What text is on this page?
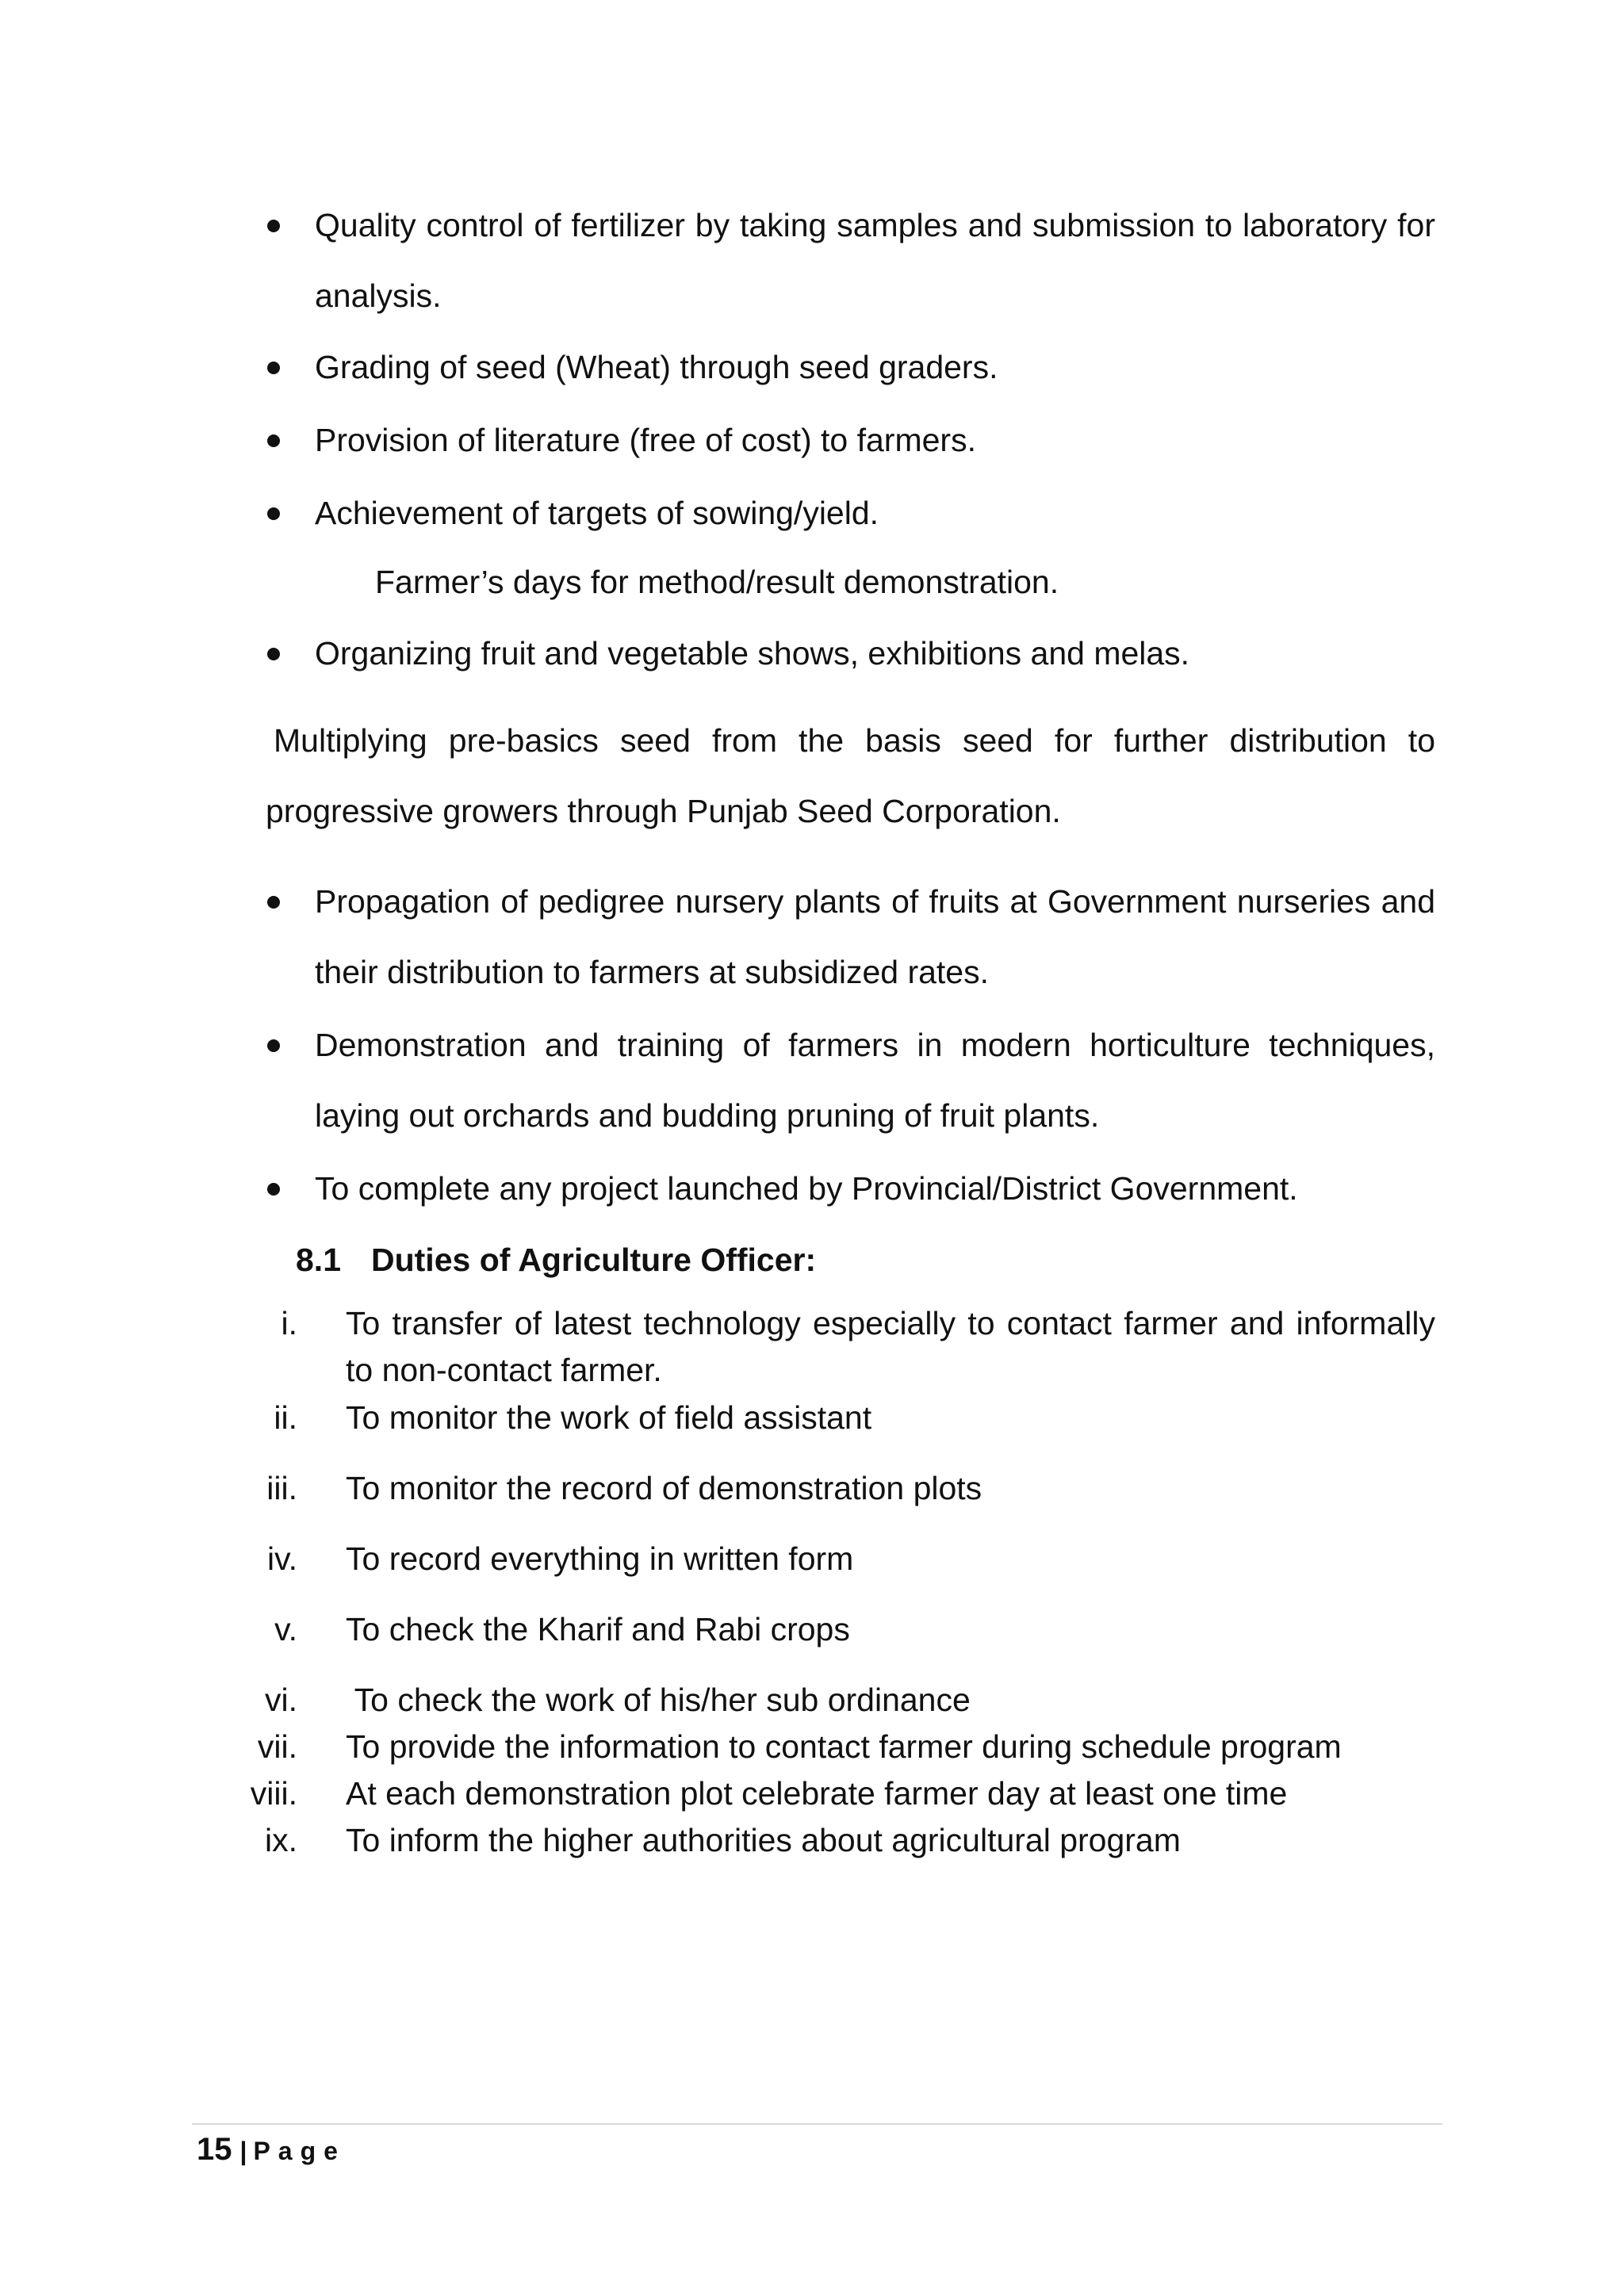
Quality control of fertilizer by taking samples and submission to laboratory for analysis.
Grading of seed (Wheat) through seed graders.
Provision of literature (free of cost) to farmers.
Achievement of targets of sowing/yield.
Farmer’s days for method/result demonstration.
Organizing fruit and vegetable shows, exhibitions and melas.
Multiplying pre-basics seed from the basis seed for further distribution to progressive growers through Punjab Seed Corporation.
Propagation of pedigree nursery plants of fruits at Government nurseries and their distribution to farmers at subsidized rates.
Demonstration and training of farmers in modern horticulture techniques, laying out orchards and budding pruning of fruit plants.
To complete any project launched by Provincial/District Government.
8.1 Duties of Agriculture Officer:
i. To transfer of latest technology especially to contact farmer and informally to non-contact farmer.
ii. To monitor the work of field assistant
iii. To monitor the record of demonstration plots
iv. To record everything in written form
v. To check the Kharif and Rabi crops
vi. To check the work of his/her sub ordinance
vii. To provide the information to contact farmer during schedule program
viii. At each demonstration plot celebrate farmer day at least one time
ix. To inform the higher authorities about agricultural program
15 | Page
